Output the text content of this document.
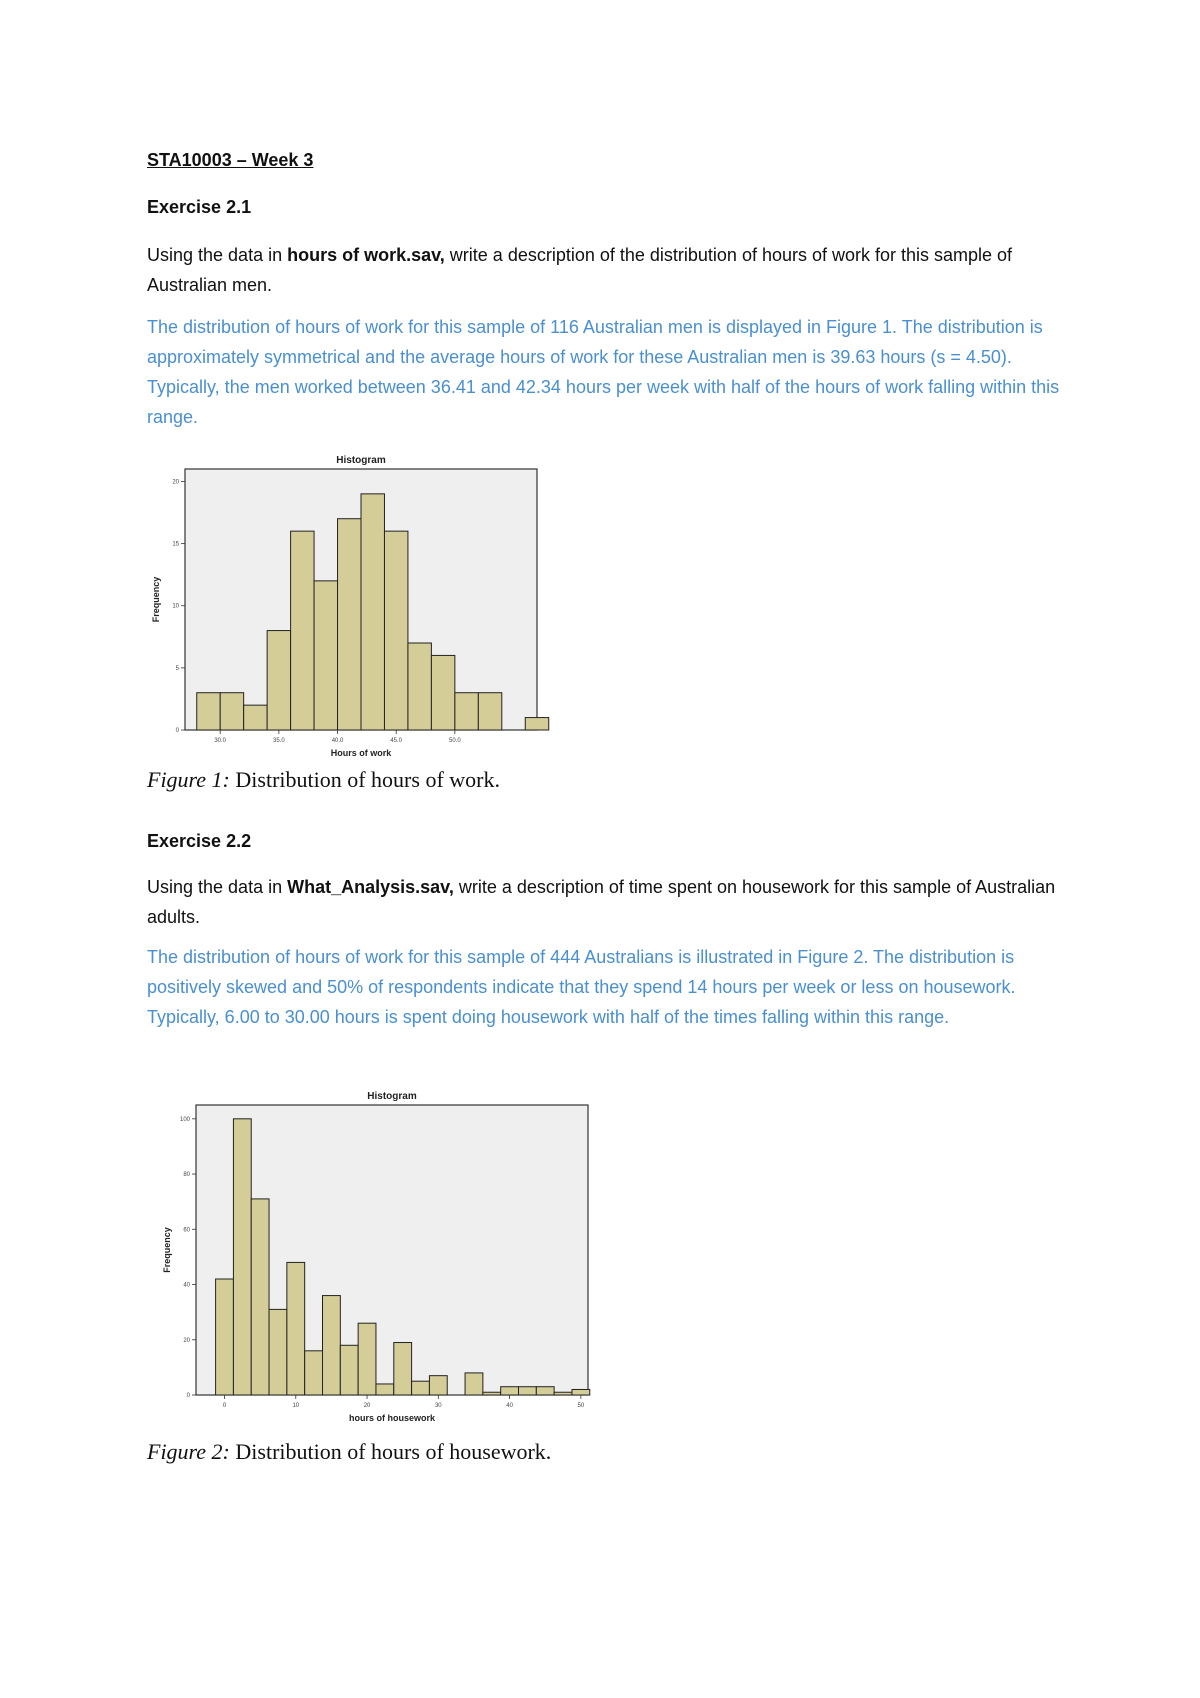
STA10003 – Week 3
Exercise 2.1
Using the data in hours of work.sav, write a description of the distribution of hours of work for this sample of Australian men.
The distribution of hours of work for this sample of 116 Australian men is displayed in Figure 1. The distribution is approximately symmetrical and the average hours of work for these Australian men is 39.63 hours (s = 4.50). Typically, the men worked between 36.41 and 42.34 hours per week with half of the hours of work falling within this range.
Histogram
0
5
10
15
20
30.0	35.0	40.0	45.0	50.0
Hours of work
Frequency
Figure 1: Distribution of hours of work.
Exercise 2.2
Using the data in What_Analysis.sav, write a description of time spent on housework for this sample of Australian adults.
The distribution of hours of work for this sample of 444 Australians is illustrated in Figure 2. The distribution is positively skewed and 50% of respondents indicate that they spend 14 hours per week or less on housework. Typically, 6.00 to 30.00 hours is spent doing housework with half of the times falling within this range.
Histogram
0
20
40
60
80
100
0	10	20	30	40	50
hours of housework
Frequency
Figure 2: Distribution of hours of housework.
